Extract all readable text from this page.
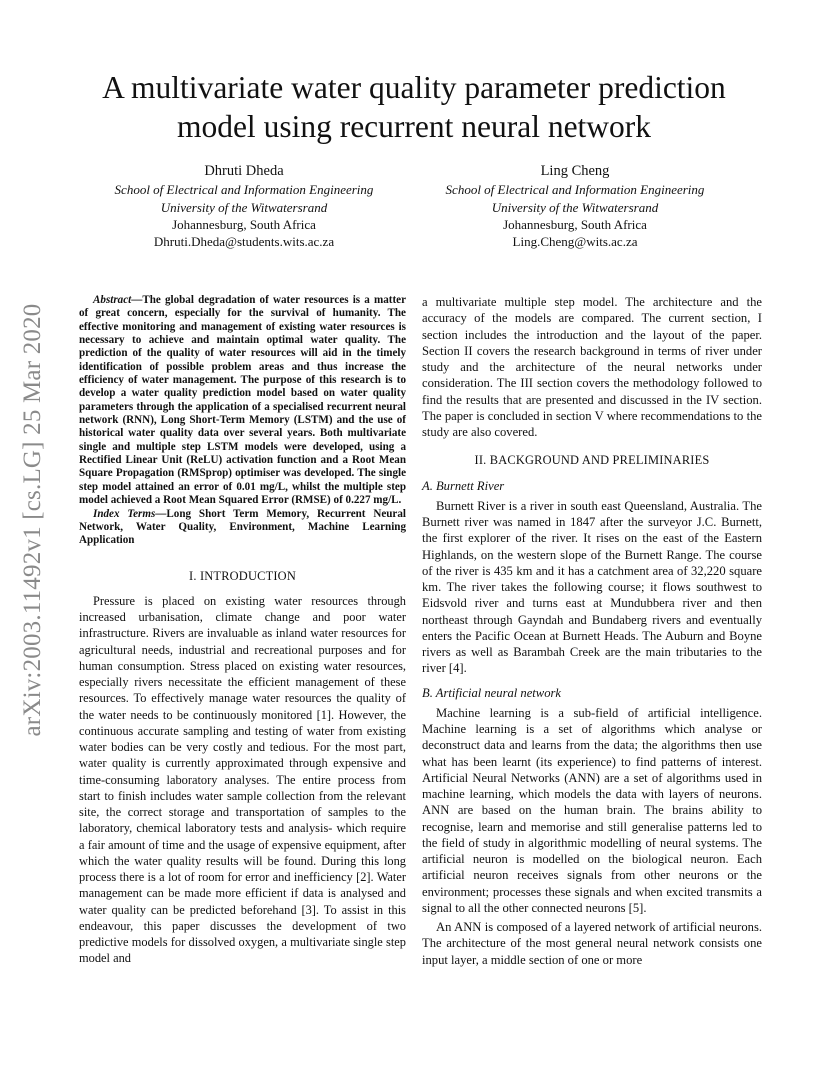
arXiv:2003.11492v1 [cs.LG] 25 Mar 2020
A multivariate water quality parameter prediction
model using recurrent neural network
Dhruti Dheda
School of Electrical and Information Engineering
University of the Witwatersrand
Johannesburg, South Africa
Dhruti.Dheda@students.wits.ac.za
Ling Cheng
School of Electrical and Information Engineering
University of the Witwatersrand
Johannesburg, South Africa
Ling.Cheng@wits.ac.za

Abstract—The global degradation of water resources is a matter of great concern, especially for the survival of humanity. The effective monitoring and management of existing water resources is necessary to achieve and maintain optimal water quality. The prediction of the quality of water resources will aid in the timely identification of possible problem areas and thus increase the efficiency of water management. The purpose of this research is to develop a water quality prediction model based on water quality parameters through the application of a specialised recurrent neural network (RNN), Long Short-Term Memory (LSTM) and the use of historical water quality data over several years. Both multivariate single and multiple step LSTM models were developed, using a Rectified Linear Unit (ReLU) activation function and a Root Mean Square Propagation (RMSprop) optimiser was developed. The single step model attained an error of 0.01 mg/L, whilst the multiple step model achieved a Root Mean Squared Error (RMSE) of 0.227 mg/L.

Index Terms—Long Short Term Memory, Recurrent Neural Network, Water Quality, Environment, Machine Learning Application

I. INTRODUCTION

Pressure is placed on existing water resources through increased urbanisation, climate change and poor water infrastructure. Rivers are invaluable as inland water resources for agricultural needs, industrial and recreational purposes and for human consumption. Stress placed on existing water resources, especially rivers necessitate the efficient management of these resources. To effectively manage water resources the quality of the water needs to be continuously monitored [1]. However, the continuous accurate sampling and testing of water from existing water bodies can be very costly and tedious. For the most part, water quality is currently approximated through expensive and time-consuming laboratory analyses. The entire process from start to finish includes water sample collection from the relevant site, the correct storage and transportation of samples to the laboratory, chemical laboratory tests and analysis- which require a fair amount of time and the usage of expensive equipment, after which the water quality results will be found. During this long process there is a lot of room for error and inefficiency [2]. Water management can be made more efficient if data is analysed and water quality can be predicted beforehand [3]. To assist in this endeavour, this paper discusses the development of two predictive models for dissolved oxygen, a multivariate single step model and

a multivariate multiple step model. The architecture and the accuracy of the models are compared. The current section, I section includes the introduction and the layout of the paper. Section II covers the research background in terms of river under study and the architecture of the neural networks under consideration. The III section covers the methodology followed to find the results that are presented and discussed in the IV section. The paper is concluded in section V where recommendations to the study are also covered.

II. BACKGROUND AND PRELIMINARIES
A. Burnett River

Burnett River is a river in south east Queensland, Australia. The Burnett river was named in 1847 after the surveyor J.C. Burnett, the first explorer of the river. It rises on the east of the Eastern Highlands, on the western slope of the Burnett Range. The course of the river is 435 km and it has a catchment area of 32,220 square km. The river takes the following course; it flows southwest to Eidsvold river and turns east at Mundubbera river and then northeast through Gayndah and Bundaberg rivers and eventually enters the Pacific Ocean at Burnett Heads. The Auburn and Boyne rivers as well as Barambah Creek are the main tributaries to the river [4].

B. Artificial neural network

Machine learning is a sub-field of artificial intelligence. Machine learning is a set of algorithms which analyse or deconstruct data and learns from the data; the algorithms then use what has been learnt (its experience) to find patterns of interest. Artificial Neural Networks (ANN) are a set of algorithms used in machine learning, which models the data with layers of neurons. ANN are based on the human brain. The brains ability to recognise, learn and memorise and still generalise patterns led to the field of study in algorithmic modelling of neural systems. The artificial neuron is modelled on the biological neuron. Each artificial neuron receives signals from other neurons or the environment; processes these signals and when excited transmits a signal to all the other connected neurons [5].

An ANN is composed of a layered network of artificial neurons. The architecture of the most general neural network consists one input layer, a middle section of one or more
